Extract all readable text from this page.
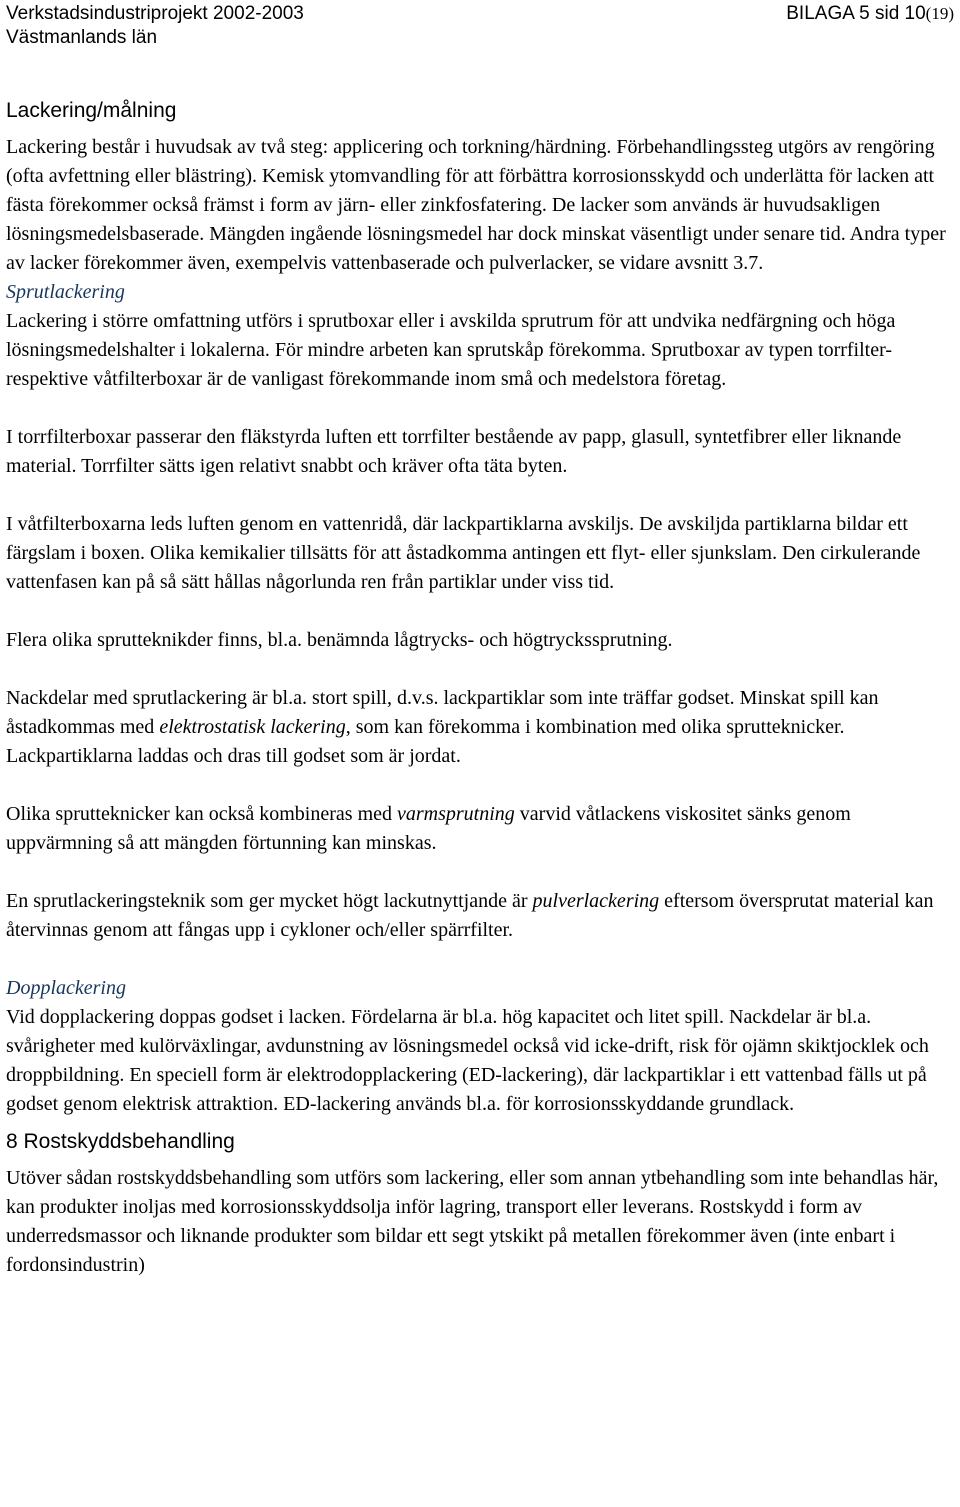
Verkstadsindustriprojekt 2002-2003
Västmanlands län
BILAGA 5 sid 10(19)
Lackering/målning

Lackering består i huvudsak av två steg: applicering och torkning/härdning. Förbehandlingssteg utgörs av rengöring (ofta avfettning eller blästring). Kemisk ytomvandling för att förbättra korrosionsskydd och underlätta för lacken att fästa förekommer också främst i form av järn- eller zinkfosfatering. De lacker som används är huvudsakligen lösningsmedelsbaserade. Mängden ingående lösningsmedel har dock minskat väsentligt under senare tid. Andra typer av lacker förekommer även, exempelvis vattenbaserade och pulverlacker, se vidare avsnitt 3.7.

Sprutlackering

Lackering i större omfattning utförs i sprutboxar eller i avskilda sprutrum för att undvika nedfärgning och höga lösningsmedelshalter i lokalerna. För mindre arbeten kan sprutskåp förekomma. Sprutboxar av typen torrfilter- respektive våtfilterboxar är de vanligast förekommande inom små och medelstora företag.

I torrfilterboxar passerar den fläkstyrda luften ett torrfilter bestående av papp, glasull, syntetfibrer eller liknande material. Torrfilter sätts igen relativt snabbt och kräver ofta täta byten.

I våtfilterboxarna leds luften genom en vattenridå, där lackpartiklarna avskiljs. De avskiljda partiklarna bildar ett färgslam i boxen. Olika kemikalier tillsätts för att åstadkomma antingen ett flyt- eller sjunkslam. Den cirkulerande vattenfasen kan på så sätt hållas någorlunda ren från partiklar under viss tid.

Flera olika sprutteknikder finns, bl.a. benämnda lågtrycks- och högtryckssprutning.

Nackdelar med sprutlackering är bl.a. stort spill, d.v.s. lackpartiklar som inte träffar godset. Minskat spill kan åstadkommas med elektrostatisk lackering, som kan förekomma i kombination med olika sprutteknicker. Lackpartiklarna laddas och dras till godset som är jordat.

Olika sprutteknicker kan också kombineras med varmsprutning varvid våtlackens viskositet sänks genom uppvärmning så att mängden förtunning kan minskas.

En sprutlackeringsteknik som ger mycket högt lackutnyttjande är pulverlackering eftersom översprutat material kan återvinnas genom att fångas upp i cykloner och/eller spärrfilter.

Dopplackering

Vid dopplackering doppas godset i lacken. Fördelarna är bl.a. hög kapacitet och litet spill. Nackdelar är bl.a. svårigheter med kulörväxlingar, avdunstning av lösningsmedel också vid icke-drift, risk för ojämn skiktjocklek och droppbildning. En speciell form är elektrodopplackering (ED-lackering), där lackpartiklar i ett vattenbad fälls ut på godset genom elektrisk attraktion. ED-lackering används bl.a. för korrosionsskyddande grundlack.

8 Rostskyddsbehandling

Utöver sådan rostskyddsbehandling som utförs som lackering, eller som annan ytbehandling som inte behandlas här, kan produkter inoljas med korrosionsskyddsolja inför lagring, transport eller leverans. Rostskydd i form av underredsmassor och liknande produkter som bildar ett segt ytskikt på metallen förekommer även (inte enbart i fordonsindustrin)
